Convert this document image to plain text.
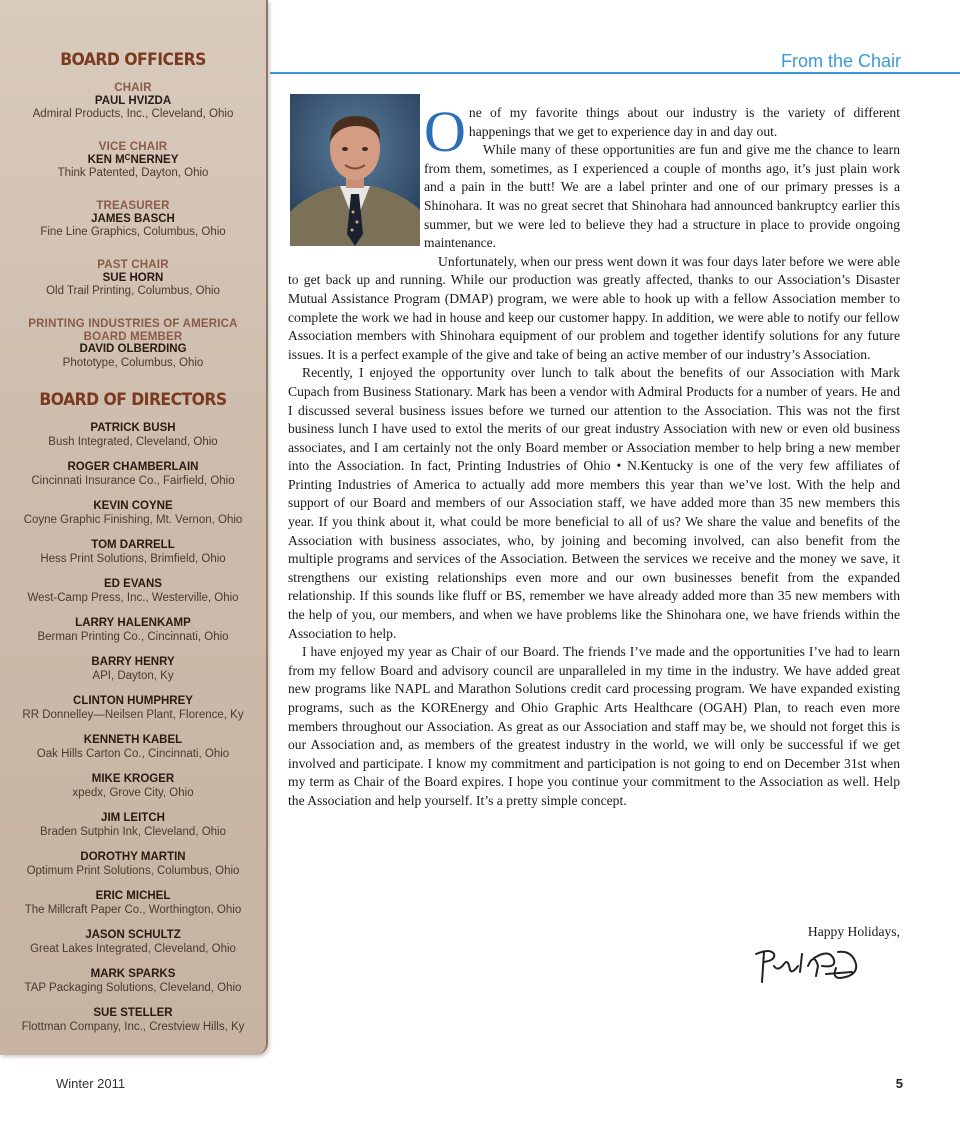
BOARD OFFICERS
CHAIR
PAUL HVIZDA
Admiral Products, Inc., Cleveland, Ohio
VICE CHAIR
KEN $M^CNERNEY$
Think Patented, Dayton, Ohio
TREASURER
JAMES BASCH
Fine Line Graphics, Columbus, Ohio
PAST CHAIR
SUE HORN
Old Trail Printing, Columbus, Ohio
PRINTING INDUSTRIES OF AMERICA
BOARD MEMBER
DAVID OLBERDING
Phototype, Columbus, Ohio
BOARD OF DIRECTORS
PATRICK BUSH
Bush Integrated, Cleveland, Ohio
ROGER CHAMBERLAIN
Cincinnati Insurance Co., Fairfield, Ohio
KEVIN COYNE
Coyne Graphic Finishing, Mt. Vernon, Ohio
TOM DARRELL
Hess Print Solutions, Brimfield, Ohio
ED EVANS
West-Camp Press, Inc., Westerville, Ohio
LARRY HALENKAMP
Berman Printing Co., Cincinnati, Ohio
BARRY HENRY
API, Dayton, Ky
CLINTON HUMPHREY
RR Donnelley—Neilsen Plant, Florence, Ky
KENNETH KABEL
Oak Hills Carton Co., Cincinnati, Ohio
MIKE KROGER
xpedx, Grove City, Ohio
JIM LEITCH
Braden Sutphin Ink, Cleveland, Ohio
DOROTHY MARTIN
Optimum Print Solutions, Columbus, Ohio
ERIC MICHEL
The Millcraft Paper Co., Worthington, Ohio
JASON SCHULTZ
Great Lakes Integrated, Cleveland, Ohio
MARK SPARKS
TAP Packaging Solutions, Cleveland, Ohio
SUE STELLER
Flottman Company, Inc., Crestview Hills, Ky
From the Chair
O ne of my favorite things about our industry is the variety of different happenings that we get to experience day in and day out.

While many of these opportunities are fun and give me the chance to learn from them, sometimes, as I experienced a couple of months ago, it’s just plain work and a pain in the butt! We are a label printer and one of our primary presses is a Shinohara. It was no great secret that Shinohara had announced bankruptcy earlier this summer, but we were led to believe they had a structure in place to provide ongoing maintenance.

Unfortunately, when our press went down it was four days later before we were able to get back up and running. While our production was greatly affected, thanks to our Association’s Disaster Mutual Assistance Program (DMAP) program, we were able to hook up with a fellow Association member to complete the work we had in house and keep our customer happy. In addition, we were able to notify our fellow Association members with Shinohara equipment of our problem and together identify solutions for any future issues. It is a perfect example of the give and take of being an active member of our industry’s Association.

Recently, I enjoyed the opportunity over lunch to talk about the benefits of our Association with Mark Cupach from Business Stationary. Mark has been a vendor with Admiral Products for a number of years. He and I discussed several business issues before we turned our attention to the Association. This was not the first business lunch I have used to extol the merits of our great industry Association with new or even old business associates, and I am certainly not the only Board member or Association member to help bring a new member into the Association. In fact, Printing Industries of Ohio • N.Kentucky is one of the very few affiliates of Printing Industries of America to actually add more members this year than we’ve lost. With the help and support of our Board and members of our Association staff, we have added more than 35 new members this year. If you think about it, what could be more beneficial to all of us? We share the value and benefits of the Association with business associates, who, by joining and becoming involved, can also benefit from the multiple programs and services of the Association. Between the services we receive and the money we save, it strengthens our existing relationships even more and our own businesses benefit from the expanded relationship. If this sounds like fluff or BS, remember we have already added more than 35 new members with the help of you, our members, and when we have problems like the Shinohara one, we have friends within the Association to help.

I have enjoyed my year as Chair of our Board. The friends I’ve made and the opportunities I’ve had to learn from my fellow Board and advisory council are unparalleled in my time in the industry. We have added great new programs like NAPL and Marathon Solutions credit card processing program. We have expanded existing programs, such as the KOREnergy and Ohio Graphic Arts Healthcare (OGAH) Plan, to reach even more members throughout our Association. As great as our Association and staff may be, we should not forget this is our Association and, as members of the greatest industry in the world, we will only be successful if we get involved and participate. I know my commitment and participation is not going to end on December 31st when my term as Chair of the Board expires. I hope you continue your commitment to the Association as well. Help the Association and help yourself. It’s a pretty simple concept.

Happy Holidays,
Winter 2011	5
